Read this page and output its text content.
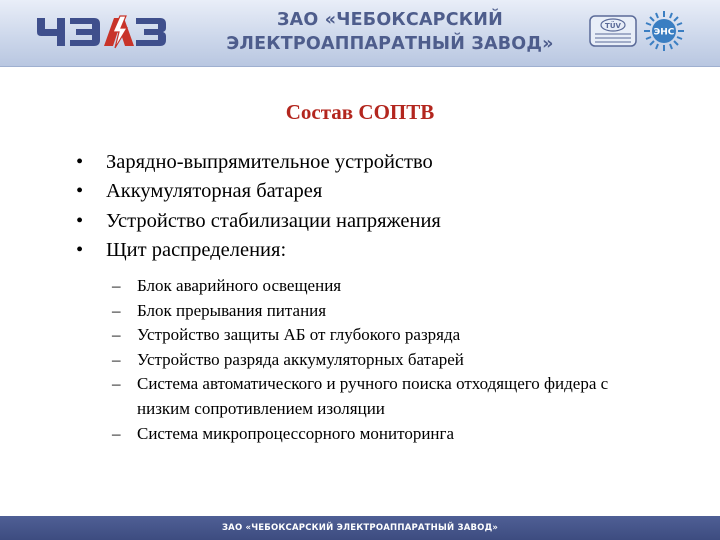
ЗАО «ЧЕБОКСАРСКИЙ
ЭЛЕКТРОАППАРАТНЫЙ ЗАВОД»
TÜV
ЭНС
Состав СОПТВ
• Зарядно-выпрямительное устройство
• Аккумуляторная батарея
• Устройство стабилизации напряжения
• Щит распределения:
– Блок аварийного освещения
– Блок прерывания питания
– Устройство защиты АБ от глубокого разряда
– Устройство разряда аккумуляторных батарей
– Система автоматического и ручного поиска отходящего фидера с низким сопротивлением изоляции
– Система микропроцессорного мониторинга
ЗАО «ЧЕБОКСАРСКИЙ ЭЛЕКТРОАППАРАТНЫЙ ЗАВОД»
